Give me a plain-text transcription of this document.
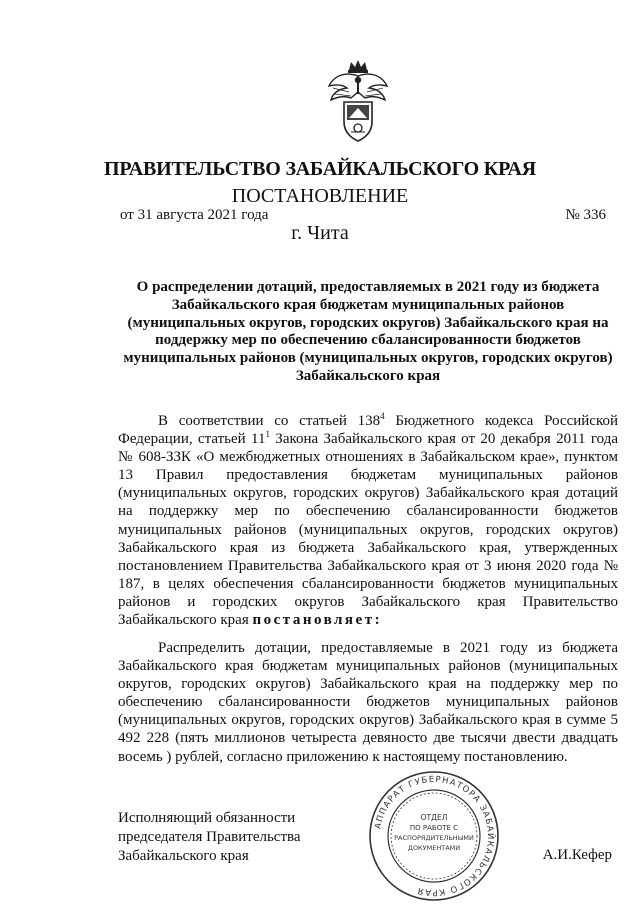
ПРАВИТЕЛЬСТВО ЗАБАЙКАЛЬСКОГО КРАЯ
ПОСТАНОВЛЕНИЕ
от 31 августа 2021 года	№ 336
г. Чита
О распределении дотаций, предоставляемых в 2021 году из бюджета
Забайкальского края бюджетам муниципальных районов
(муниципальных округов, городских округов) Забайкальского края на
поддержку мер по обеспечению сбалансированности бюджетов
муниципальных районов (муниципальных округов, городских округов)
Забайкальского края

В соответствии со статьей $138^4$ Бюджетного кодекса Российской Федерации, статьей $11^1$ Закона Забайкальского края от 20 декабря 2011 года № 608-ЗЗК «О межбюджетных отношениях в Забайкальском крае», пунктом 13 Правил предоставления бюджетам муниципальных районов (муниципальных округов, городских округов) Забайкальского края дотаций на поддержку мер по обеспечению сбалансированности бюджетов муниципальных районов (муниципальных округов, городских округов) Забайкальского края из бюджета Забайкальского края, утвержденных постановлением Правительства Забайкальского края от 3 июня 2020 года № 187, в целях обеспечения сбалансированности бюджетов муниципальных районов и городских округов Забайкальского края Правительство Забайкальского края постановляет:

Распределить дотации, предоставляемые в 2021 году из бюджета Забайкальского края бюджетам муниципальных районов (муниципальных округов, городских округов) Забайкальского края на поддержку мер по обеспечению сбалансированности бюджетов муниципальных районов (муниципальных округов, городских округов) Забайкальского края в сумме 5 492 228 (пять миллионов четыреста девяносто две тысячи двести двадцать восемь ) рублей, согласно приложению к настоящему постановлению.

Исполняющий обязанности
председателя Правительства
Забайкальского края	А.И.Кефер
АППАРАТ ГУБЕРНАТОРА ЗАБАЙКАЛЬСКОГО КРАЯ
ОТДЕЛ
ПО РАБОТЕ С
РАСПОРЯДИТЕЛЬНЫМИ
ДОКУМЕНТАМИ
